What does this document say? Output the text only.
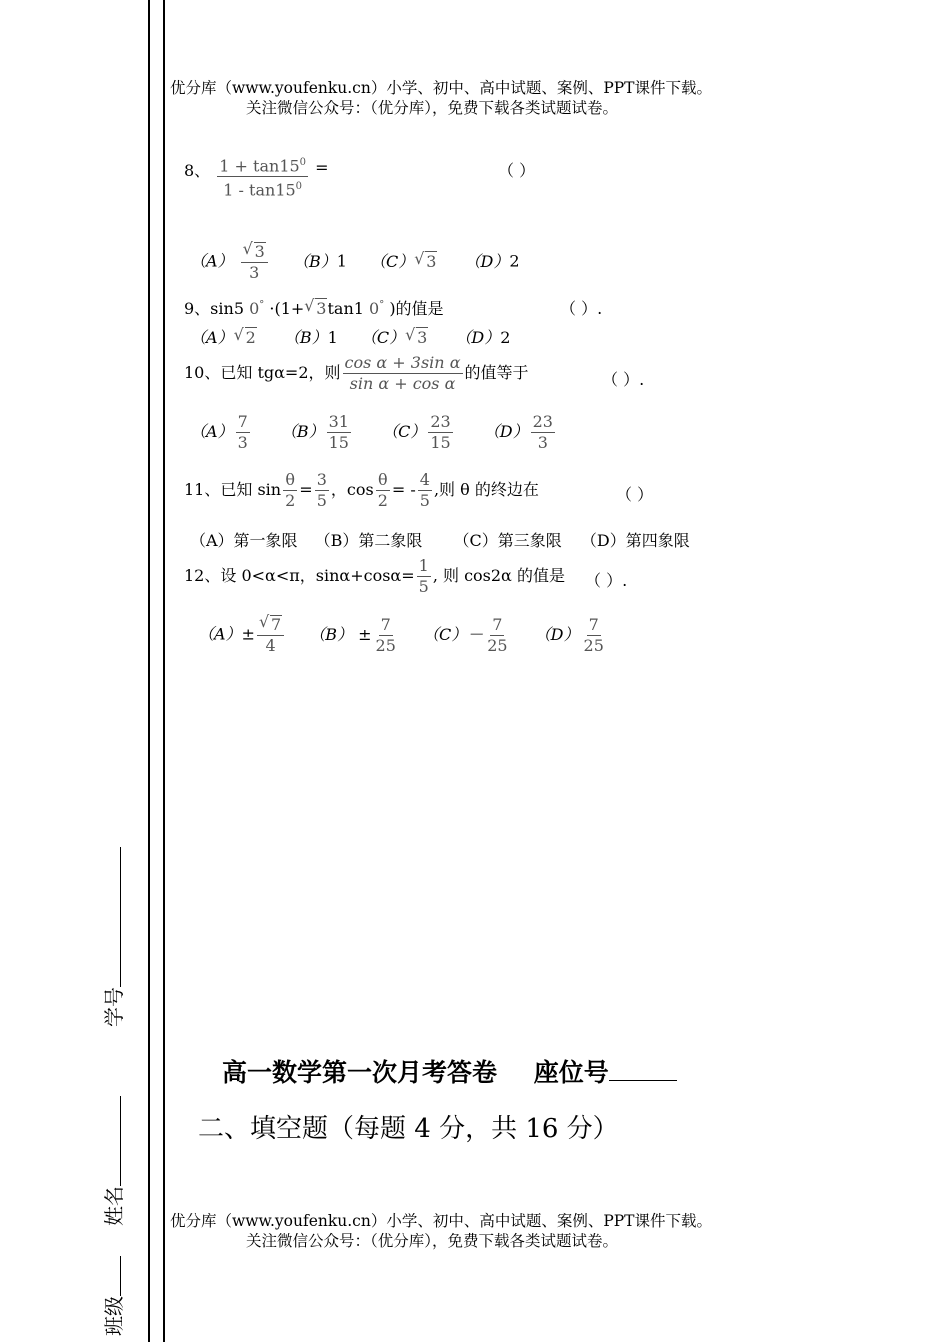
学号
姓名
班级
优分库（www.youfenku.cn）小学、初中、高中试题、案例、PPT课件下载。
关注微信公众号：（优分库），免费下载各类试题试卷。
8、 $\frac{1 + \tan 15^0}{1 - \tan 15^0}$ =	（ ）
（A） √ $\frac{3}{3} (B)1$ （C） √ 3 （D）2
9、sin5 0° ·(1+ √ 3tan1 0° )的值是	（ ）.
（A） √ 2 （B）1 （C） √ 3 （D）2
10、已知 tgα=2，则 $\frac{\text{cos α + 3sin α}}{\text{sin α + cos α}}$ 的值等于	（ ）.
$(A) \frac{7}{3} (B) \frac{31}{15} (C) \frac{23}{15} (D) \frac{23}{3}$
11、已知 $\sin \frac{\theta}{2} = \frac{3}{5}$ ，$\cos \frac{\theta}{2}$ = - $\frac{4}{5}$ ,则 θ 的终边在	（ ）
（A）第一象限 （B）第二象限 （C）第三象限 （D）第四象限
12、设 0<α<π，$\sin\alpha+\cos\alpha= \frac{1}{5}$ , 则 cos2α 的值是 （ ）.
（A）± √ $\frac{7}{4} (B) \pm \frac{7}{25} (C)- \frac{7}{25} (D) \frac{7}{25}$
高一数学第一次月考答卷 座位号
二、填空题（每题 4 分，共 16 分）
优分库（www.youfenku.cn）小学、初中、高中试题、案例、PPT课件下载。
关注微信公众号：（优分库），免费下载各类试题试卷。
